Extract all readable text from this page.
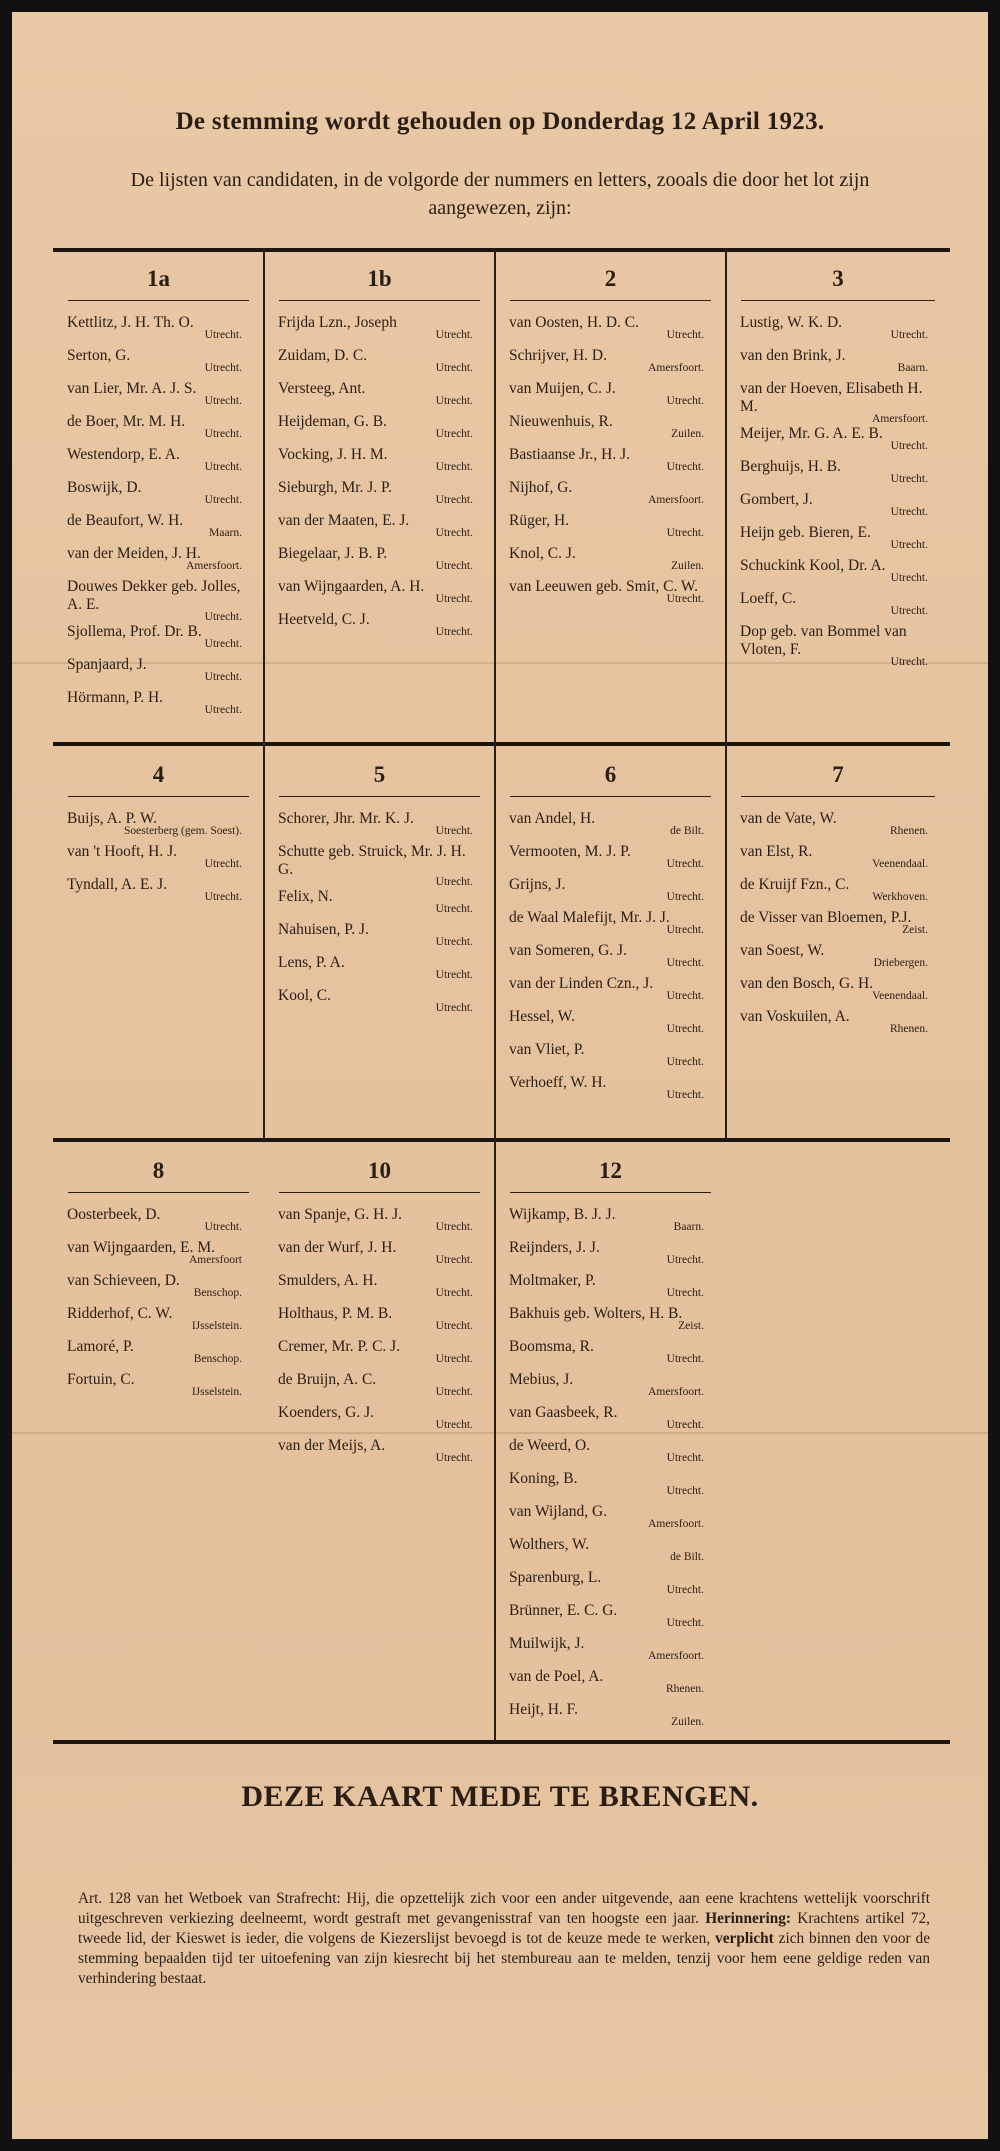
De stemming wordt gehouden op Donderdag 12 April 1923.
De lijsten van candidaten, in de volgorde der nummers en letters, zooals die door het lot zijn aangewezen, zijn:
1a
Kettlitz, J. H. Th. O.
Utrecht.
Serton, G.
Utrecht.
van Lier, Mr. A. J. S.
Utrecht.
de Boer, Mr. M. H.
Utrecht.
Westendorp, E. A.
Utrecht.
Boswijk, D.
Utrecht.
de Beaufort, W. H.
Maarn.
van der Meiden, J. H.
Amersfoort.
Douwes Dekker geb. Jolles, A. E.
Utrecht.
Sjollema, Prof. Dr. B.
Utrecht.
Spanjaard, J.
Utrecht.
Hörmann, P. H.
Utrecht.
1b
Frijda Lzn., Joseph
Utrecht.
Zuidam, D. C.
Utrecht.
Versteeg, Ant.
Utrecht.
Heijdeman, G. B.
Utrecht.
Vocking, J. H. M.
Utrecht.
Sieburgh, Mr. J. P.
Utrecht.
van der Maaten, E. J.
Utrecht.
Biegelaar, J. B. P.
Utrecht.
van Wijngaarden, A. H.
Utrecht.
Heetveld, C. J.
Utrecht.
2
van Oosten, H. D. C.
Utrecht.
Schrijver, H. D.
Amersfoort.
van Muijen, C. J.
Utrecht.
Nieuwenhuis, R.
Zuilen.
Bastiaanse Jr., H. J.
Utrecht.
Nijhof, G.
Amersfoort.
Rüger, H.
Utrecht.
Knol, C. J.
Zuilen.
van Leeuwen geb. Smit, C. W.
Utrecht.
3
Lustig, W. K. D.
Utrecht.
van den Brink, J.
Baarn.
van der Hoeven, Elisabeth H. M.
Amersfoort.
Meijer, Mr. G. A. E. B.
Utrecht.
Berghuijs, H. B.
Utrecht.
Gombert, J.
Utrecht.
Heijn geb. Bieren, E.
Utrecht.
Schuckink Kool, Dr. A.
Utrecht.
Loeff, C.
Utrecht.
Dop geb. van Bommel van Vloten, F.
Utrecht.
4
Buijs, A. P. W.
Soesterberg (gem. Soest).
van 't Hooft, H. J.
Utrecht.
Tyndall, A. E. J.
Utrecht.
5
Schorer, Jhr. Mr. K. J.
Utrecht.
Schutte geb. Struick, Mr. J. H. G.
Utrecht.
Felix, N.
Utrecht.
Nahuisen, P. J.
Utrecht.
Lens, P. A.
Utrecht.
Kool, C.
Utrecht.
6
van Andel, H.
de Bilt.
Vermooten, M. J. P.
Utrecht.
Grijns, J.
Utrecht.
de Waal Malefijt, Mr. J. J.
Utrecht.
van Someren, G. J.
Utrecht.
van der Linden Czn., J.
Utrecht.
Hessel, W.
Utrecht.
van Vliet, P.
Utrecht.
Verhoeff, W. H.
Utrecht.
7
van de Vate, W.
Rhenen.
van Elst, R.
Veenendaal.
de Kruijf Fzn., C.
Werkhoven.
de Visser van Bloemen, P.J.
Zeist.
van Soest, W.
Driebergen.
van den Bosch, G. H.
Veenendaal.
van Voskuilen, A.
Rhenen.
8
Oosterbeek, D.
Utrecht.
van Wijngaarden, E. M.
Amersfoort
van Schieveen, D.
Benschop.
Ridderhof, C. W.
IJsselstein.
Lamoré, P.
Benschop.
Fortuin, C.
IJsselstein.
10
van Spanje, G. H. J.
Utrecht.
van der Wurf, J. H.
Utrecht.
Smulders, A. H.
Utrecht.
Holthaus, P. M. B.
Utrecht.
Cremer, Mr. P. C. J.
Utrecht.
de Bruijn, A. C.
Utrecht.
Koenders, G. J.
Utrecht.
van der Meijs, A.
Utrecht.
12
Wijkamp, B. J. J.
Baarn.
Reijnders, J. J.
Utrecht.
Moltmaker, P.
Utrecht.
Bakhuis geb. Wolters, H. B.
Zeist.
Boomsma, R.
Utrecht.
Mebius, J.
Amersfoort.
van Gaasbeek, R.
Utrecht.
de Weerd, O.
Utrecht.
Koning, B.
Utrecht.
van Wijland, G.
Amersfoort.
Wolthers, W.
de Bilt.
Sparenburg, L.
Utrecht.
Brünner, E. C. G.
Utrecht.
Muilwijk, J.
Amersfoort.
van de Poel, A.
Rhenen.
Heijt, H. F.
Zuilen.
DEZE KAART MEDE TE BRENGEN.
Art. 128 van het Wetboek van Strafrecht: Hij, die opzettelijk zich voor een ander uitgevende, aan eene krachtens wettelijk voorschrift uitgeschreven verkiezing deelneemt, wordt gestraft met gevangenisstraf van ten hoogste een jaar. Herinnering: Krachtens artikel 72, tweede lid, der Kieswet is ieder, die volgens de Kiezerslijst bevoegd is tot de keuze mede te werken, verplicht zich binnen den voor de stemming bepaalden tijd ter uitoefening van zijn kiesrecht bij het stembureau aan te melden, tenzij voor hem eene geldige reden van verhindering bestaat.
